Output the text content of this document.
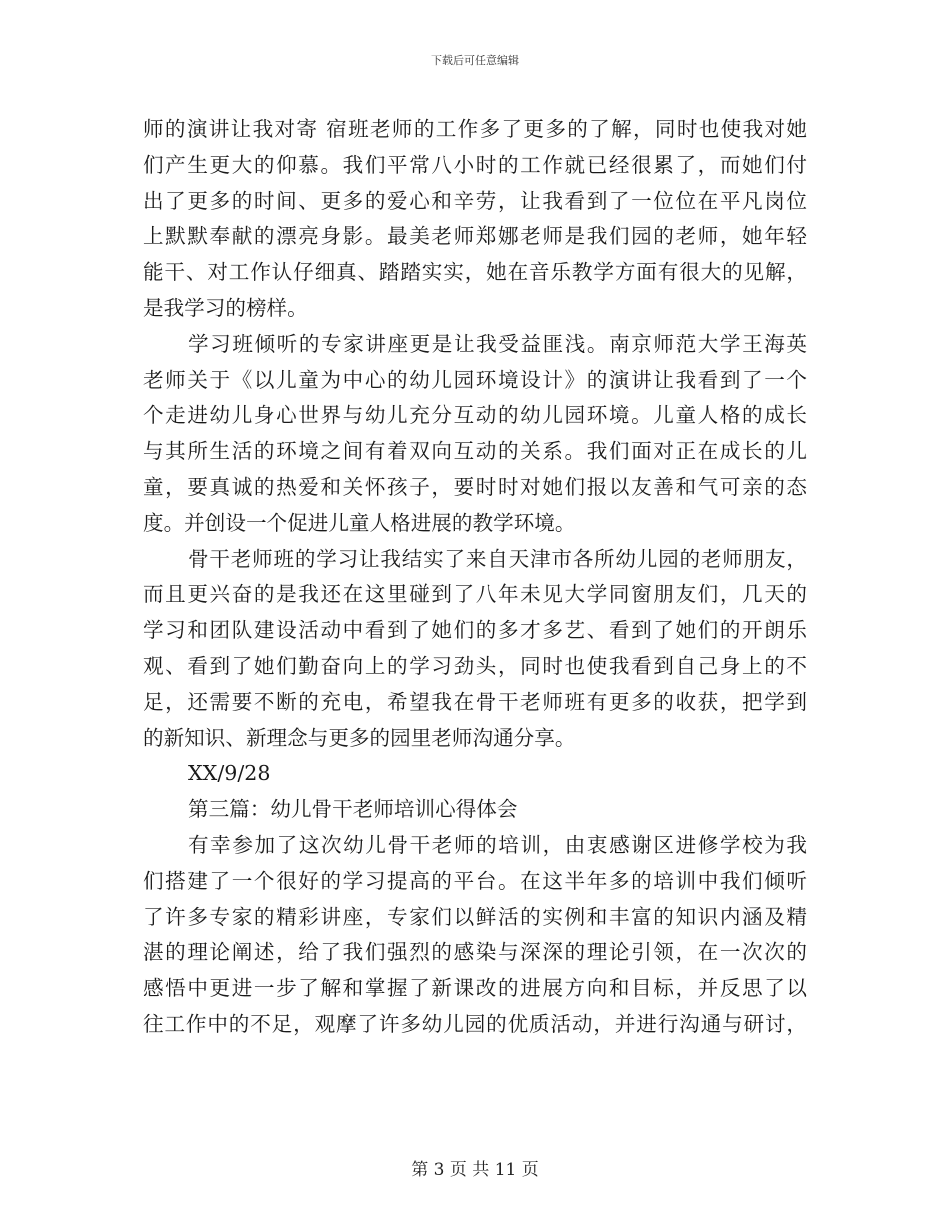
下载后可任意编辑
师的演讲让我对寄 宿班老师的工作多了更多的了解，同时也使我对她
们产生更大的仰慕。我们平常八小时的工作就已经很累了，而她们付
出了更多的时间、更多的爱心和辛劳，让我看到了一位位在平凡岗位
上默默奉献的漂亮身影。最美老师郑娜老师是我们园的老师，她年轻
能干、对工作认仔细真、踏踏实实，她在音乐教学方面有很大的见解，
是我学习的榜样。
学习班倾听的专家讲座更是让我受益匪浅。南京师范大学王海英
老师关于《以儿童为中心的幼儿园环境设计》的演讲让我看到了一个
个走进幼儿身心世界与幼儿充分互动的幼儿园环境。儿童人格的成长
与其所生活的环境之间有着双向互动的关系。我们面对正在成长的儿
童，要真诚的热爱和关怀孩子，要时时对她们报以友善和气可亲的态
度。并创设一个促进儿童人格进展的教学环境。
骨干老师班的学习让我结实了来自天津市各所幼儿园的老师朋友，
而且更兴奋的是我还在这里碰到了八年未见大学同窗朋友们，几天的
学习和团队建设活动中看到了她们的多才多艺、看到了她们的开朗乐
观、看到了她们勤奋向上的学习劲头，同时也使我看到自己身上的不
足，还需要不断的充电，希望我在骨干老师班有更多的收获，把学到
的新知识、新理念与更多的园里老师沟通分享。
XX/9/28
第三篇：幼儿骨干老师培训心得体会
有幸参加了这次幼儿骨干老师的培训，由衷感谢区进修学校为我
们搭建了一个很好的学习提高的平台。在这半年多的培训中我们倾听
了许多专家的精彩讲座，专家们以鲜活的实例和丰富的知识内涵及精
湛的理论阐述，给了我们强烈的感染与深深的理论引领，在一次次的
感悟中更进一步了解和掌握了新课改的进展方向和目标，并反思了以
往工作中的不足，观摩了许多幼儿园的优质活动，并进行沟通与研讨，
第 3 页 共 11 页
